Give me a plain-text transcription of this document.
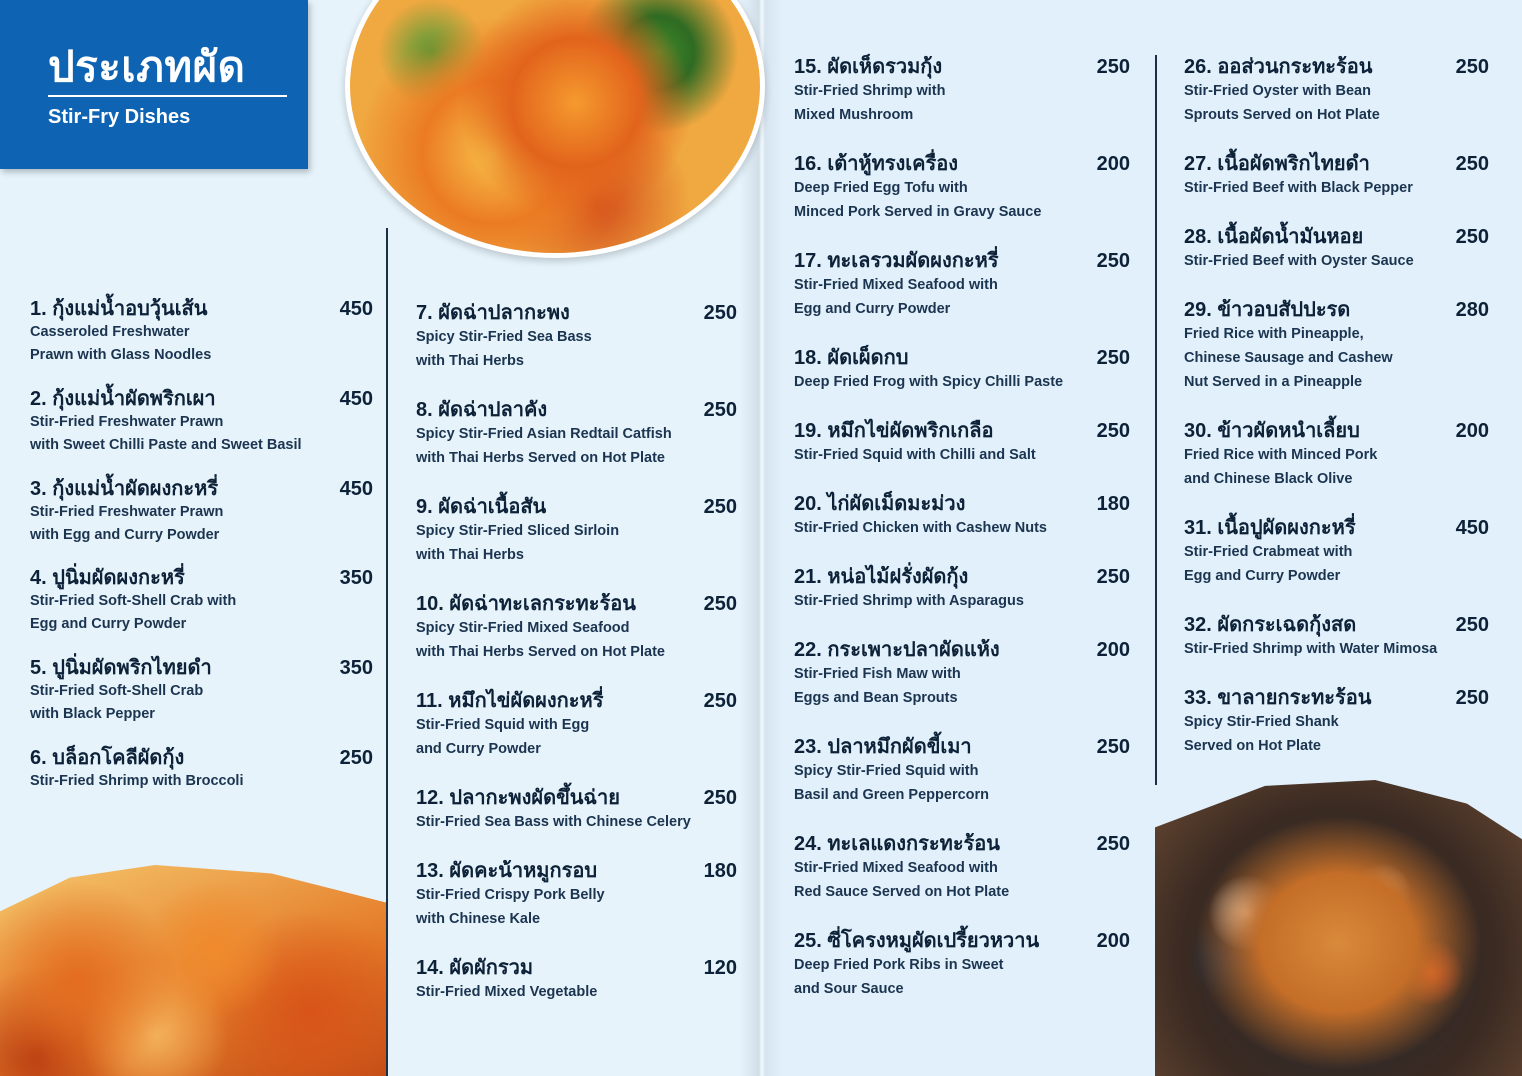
ประเภทผัด
Stir-Fry Dishes
1. กุ้งแม่น้ำอบวุ้นเส้น
Casseroled Freshwater
Prawn with Glass Noodles
450
2. กุ้งแม่น้ำผัดพริกเผา
Stir-Fried Freshwater Prawn
with Sweet Chilli Paste and Sweet Basil
450
3. กุ้งแม่น้ำผัดผงกะหรี่
Stir-Fried Freshwater Prawn
with Egg and Curry Powder
450
4. ปูนิ่มผัดผงกะหรี่
Stir-Fried Soft-Shell Crab with
Egg and Curry Powder
350
5. ปูนิ่มผัดพริกไทยดำ
Stir-Fried Soft-Shell Crab
with Black Pepper
350
6. บล็อกโคลีผัดกุ้ง
Stir-Fried Shrimp with Broccoli
250
7. ผัดฉ่าปลากะพง
Spicy Stir-Fried Sea Bass
with Thai Herbs
250
8. ผัดฉ่าปลาคัง
Spicy Stir-Fried Asian Redtail Catfish
with Thai Herbs Served on Hot Plate
250
9. ผัดฉ่าเนื้อสัน
Spicy Stir-Fried Sliced Sirloin
with Thai Herbs
250
10. ผัดฉ่าทะเลกระทะร้อน
Spicy Stir-Fried Mixed Seafood
with Thai Herbs Served on Hot Plate
250
11. หมึกไข่ผัดผงกะหรี่
Stir-Fried Squid with Egg
and Curry Powder
250
12. ปลากะพงผัดขึ้นฉ่าย
Stir-Fried Sea Bass with Chinese Celery
250
13. ผัดคะน้าหมูกรอบ
Stir-Fried Crispy Pork Belly
with Chinese Kale
180
14. ผัดผักรวม
Stir-Fried Mixed Vegetable
120
15. ผัดเห็ดรวมกุ้ง
Stir-Fried Shrimp with
Mixed Mushroom
250
16. เต้าหู้ทรงเครื่อง
Deep Fried Egg Tofu with
Minced Pork Served in Gravy Sauce
200
17. ทะเลรวมผัดผงกะหรี่
Stir-Fried Mixed Seafood with
Egg and Curry Powder
250
18. ผัดเผ็ดกบ
Deep Fried Frog with Spicy Chilli Paste
250
19. หมึกไข่ผัดพริกเกลือ
Stir-Fried Squid with Chilli and Salt
250
20. ไก่ผัดเม็ดมะม่วง
Stir-Fried Chicken with Cashew Nuts
180
21. หน่อไม้ฝรั่งผัดกุ้ง
Stir-Fried Shrimp with Asparagus
250
22. กระเพาะปลาผัดแห้ง
Stir-Fried Fish Maw with
Eggs and Bean Sprouts
200
23. ปลาหมึกผัดขี้เมา
Spicy Stir-Fried Squid with
Basil and Green Peppercorn
250
24. ทะเลแดงกระทะร้อน
Stir-Fried Mixed Seafood with
Red Sauce Served on Hot Plate
250
25. ซี่โครงหมูผัดเปรี้ยวหวาน
Deep Fried Pork Ribs in Sweet
and Sour Sauce
200
26. ออส่วนกระทะร้อน
Stir-Fried Oyster with Bean
Sprouts Served on Hot Plate
250
27. เนื้อผัดพริกไทยดำ
Stir-Fried Beef with Black Pepper
250
28. เนื้อผัดน้ำมันหอย
Stir-Fried Beef with Oyster Sauce
250
29. ข้าวอบสัปปะรด
Fried Rice with Pineapple,
Chinese Sausage and Cashew
Nut Served in a Pineapple
280
30. ข้าวผัดหนำเลี้ยบ
Fried Rice with Minced Pork
and Chinese Black Olive
200
31. เนื้อปูผัดผงกะหรี่
Stir-Fried Crabmeat with
Egg and Curry Powder
450
32. ผัดกระเฉดกุ้งสด
Stir-Fried Shrimp with Water Mimosa
250
33. ขาลายกระทะร้อน
Spicy Stir-Fried Shank
Served on Hot Plate
250
